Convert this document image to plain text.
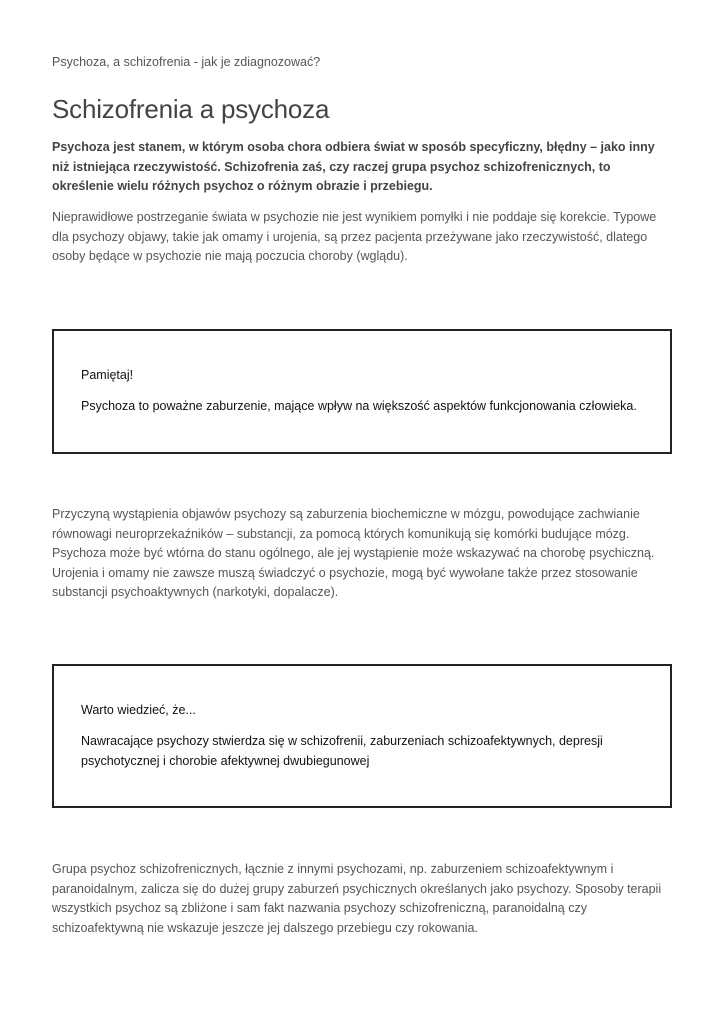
Psychoza, a schizofrenia - jak je zdiagnozować?
Schizofrenia a psychoza

Psychoza jest stanem, w którym osoba chora odbiera świat w sposób specyficzny, błędny – jako inny niż istniejąca rzeczywistość. Schizofrenia zaś, czy raczej grupa psychoz schizofrenicznych, to określenie wielu różnych psychoz o różnym obrazie i przebiegu.

Nieprawidłowe postrzeganie świata w psychozie nie jest wynikiem pomyłki i nie poddaje się korekcie. Typowe dla psychozy objawy, takie jak omamy i urojenia, są przez pacjenta przeżywane jako rzeczywistość, dlatego osoby będące w psychozie nie mają poczucia choroby (wglądu).

Pamiętaj!

Psychoza to poważne zaburzenie, mające wpływ na większość aspektów funkcjonowania człowieka.

Przyczyną wystąpienia objawów psychozy są zaburzenia biochemiczne w mózgu, powodujące zachwianie równowagi neuroprzekaźników – substancji, za pomocą których komunikują się komórki budujące mózg. Psychoza może być wtórna do stanu ogólnego, ale jej wystąpienie może wskazywać na chorobę psychiczną. Urojenia i omamy nie zawsze muszą świadczyć o psychozie, mogą być wywołane także przez stosowanie substancji psychoaktywnych (narkotyki, dopalacze).

Warto wiedzieć, że...

Nawracające psychozy stwierdza się w schizofrenii, zaburzeniach schizoafektywnych, depresji psychotycznej i chorobie afektywnej dwubiegunowej

Grupa psychoz schizofrenicznych, łącznie z innymi psychozami, np. zaburzeniem schizoafektywnym i paranoidalnym, zalicza się do dużej grupy zaburzeń psychicznych określanych jako psychozy. Sposoby terapii wszystkich psychoz są zbliżone i sam fakt nazwania psychozy schizofreniczną, paranoidalną czy schizoafektywną nie wskazuje jeszcze jej dalszego przebiegu czy rokowania.
